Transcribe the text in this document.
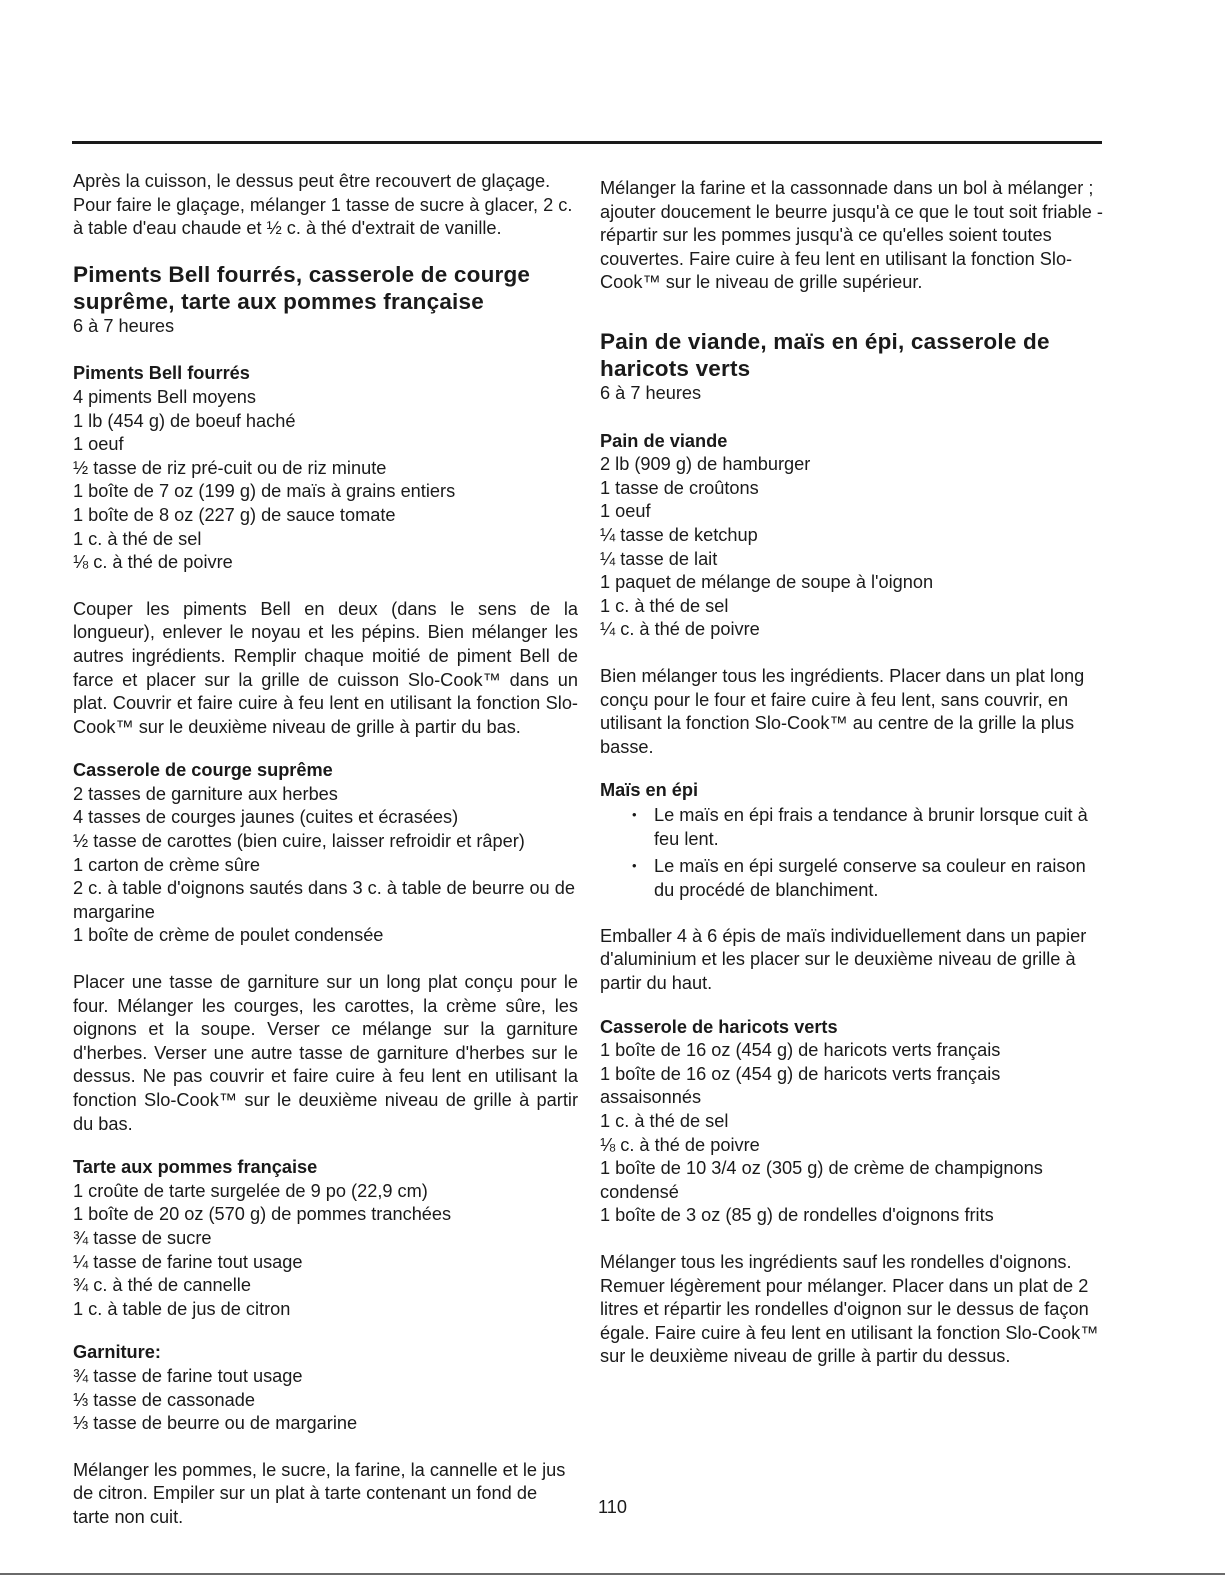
Après la cuisson, le dessus peut être recouvert de glaçage. Pour faire le glaçage, mélanger 1 tasse de sucre à glacer, 2 c. à table d'eau chaude et ½ c. à thé d'extrait de vanille.

Piments Bell fourrés, casserole de courge suprême, tarte aux pommes française

6 à 7 heures

Piments Bell fourrés

4 piments Bell moyens
1 lb (454 g) de boeuf haché
1 oeuf
½ tasse de riz pré-cuit ou de riz minute
1 boîte de 7 oz (199 g) de maïs à grains entiers
1 boîte de 8 oz (227 g) de sauce tomate
1 c. à thé de sel
⅛ c. à thé de poivre

Couper les piments Bell en deux (dans le sens de la longueur), enlever le noyau et les pépins. Bien mélanger les autres ingrédients. Remplir chaque moitié de piment Bell de farce et placer sur la grille de cuisson Slo-Cook™ dans un plat. Couvrir et faire cuire à feu lent en utilisant la fonction Slo-Cook™ sur le deuxième niveau de grille à partir du bas.

Casserole de courge suprême

2 tasses de garniture aux herbes
4 tasses de courges jaunes (cuites et écrasées)
½ tasse de carottes (bien cuire, laisser refroidir et râper)
1 carton de crème sûre
2 c. à table d'oignons sautés dans 3 c. à table de beurre ou de margarine
1 boîte de crème de poulet condensée

Placer une tasse de garniture sur un long plat conçu pour le four. Mélanger les courges, les carottes, la crème sûre, les oignons et la soupe. Verser ce mélange sur la garniture d'herbes. Verser une autre tasse de garniture d'herbes sur le dessus. Ne pas couvrir et faire cuire à feu lent en utilisant la fonction Slo-Cook™ sur le deuxième niveau de grille à partir du bas.

Tarte aux pommes française

1 croûte de tarte surgelée de 9 po (22,9 cm)
1 boîte de 20 oz (570 g) de pommes tranchées
¾ tasse de sucre
¼ tasse de farine tout usage
¾ c. à thé de cannelle
1 c. à table de jus de citron

Garniture:

¾ tasse de farine tout usage
⅓ tasse de cassonade
⅓ tasse de beurre ou de margarine

Mélanger les pommes, le sucre, la farine, la cannelle et le jus de citron. Empiler sur un plat à tarte contenant un fond de tarte non cuit.

Mélanger la farine et la cassonnade dans un bol à mélanger ; ajouter doucement le beurre jusqu'à ce que le tout soit friable - répartir sur les pommes jusqu'à ce qu'elles soient toutes couvertes. Faire cuire à feu lent en utilisant la fonction Slo-Cook™ sur le niveau de grille supérieur.

Pain de viande, maïs en épi, casserole de haricots verts

6 à 7 heures

Pain de viande

2 lb (909 g) de hamburger
1 tasse de croûtons
1 oeuf
¼ tasse de ketchup
¼ tasse de lait
1 paquet de mélange de soupe à l'oignon
1 c. à thé de sel
¼ c. à thé de poivre

Bien mélanger tous les ingrédients. Placer dans un plat long conçu pour le four et faire cuire à feu lent, sans couvrir, en utilisant la fonction Slo-Cook™ au centre de la grille la plus basse.

Maïs en épi
• Le maïs en épi frais a tendance à brunir lorsque cuit à feu lent.
• Le maïs en épi surgelé conserve sa couleur en raison du procédé de blanchiment.

Emballer 4 à 6 épis de maïs individuellement dans un papier d'aluminium et les placer sur le deuxième niveau de grille à partir du haut.

Casserole de haricots verts

1 boîte de 16 oz (454 g) de haricots verts français
1 boîte de 16 oz (454 g) de haricots verts français assaisonnés
1 c. à thé de sel
⅛ c. à thé de poivre
1 boîte de 10 3/4 oz (305 g) de crème de champignons condensé
1 boîte de 3 oz (85 g) de rondelles d'oignons frits

Mélanger tous les ingrédients sauf les rondelles d'oignons. Remuer légèrement pour mélanger. Placer dans un plat de 2 litres et répartir les rondelles d'oignon sur le dessus de façon égale. Faire cuire à feu lent en utilisant la fonction Slo-Cook™ sur le deuxième niveau de grille à partir du dessus.

110
